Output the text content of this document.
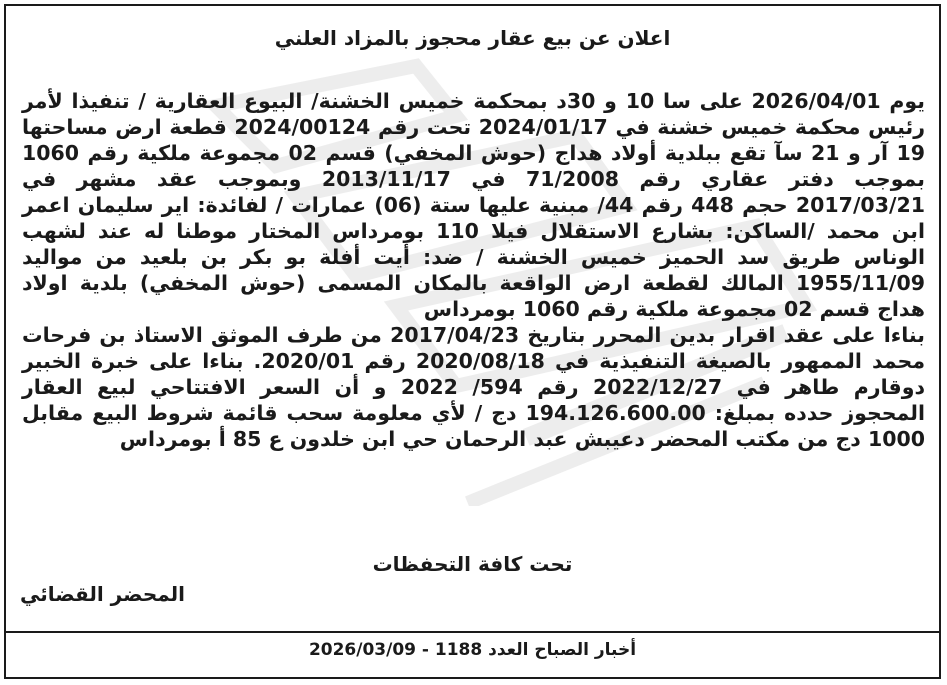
اعلان عن بيع عقار محجوز بالمزاد العلني

يوم 2026/04/01 على سا 10 و 30د بمحكمة خميس الخشنة/ البيوع العقارية / تنفيذا لأمر رئيس محكمة خميس خشنة في 2024/01/17 تحت رقم 2024/00124 قطعة ارض مساحتها 19 آر و 21 سآ تقع ببلدية أولاد هداج (حوش المخفي) قسم 02 مجموعة ملكية رقم 1060 بموجب دفتر عقاري رقم 71/2008 في 2013/11/17 وبموجب عقد مشهر في 2017/03/21 حجم 448 رقم 44/ مبنية عليها ستة (06) عمارات / لفائدة: اير سليمان اعمر ابن محمد /الساكن: بشارع الاستقلال فيلا 110 بومرداس المختار موطنا له عند لشهب الوناس طريق سد الحميز خميس الخشنة / ضد: أيت أفلة بو بكر بن بلعيد من مواليد 1955/11/09 المالك لقطعة ارض الواقعة بالمكان المسمى (حوش المخفي) بلدية اولاد هداج قسم 02 مجموعة ملكية رقم 1060 بومرداس

بناءا على عقد اقرار بدين المحرر بتاريخ 2017/04/23 من طرف الموثق الاستاذ بن فرحات محمد الممهور بالصيغة التنفيذية في 2020/08/18 رقم 2020/01. بناءا على خبرة الخبير دوقارم طاهر في 2022/12/27 رقم 594/ 2022 و أن السعر الافتتاحي لبيع العقار المحجوز حدده بمبلغ: 194.126.600.00 دج / لأي معلومة سحب قائمة شروط البيع مقابل 1000 دج من مكتب المحضر دعيبش عبد الرحمان حي ابن خلدون ع 85 أ بومرداس

تحت كافة التحفظات
المحضر القضائي
أخبار الصباح العدد 1188 - 2026/03/09
